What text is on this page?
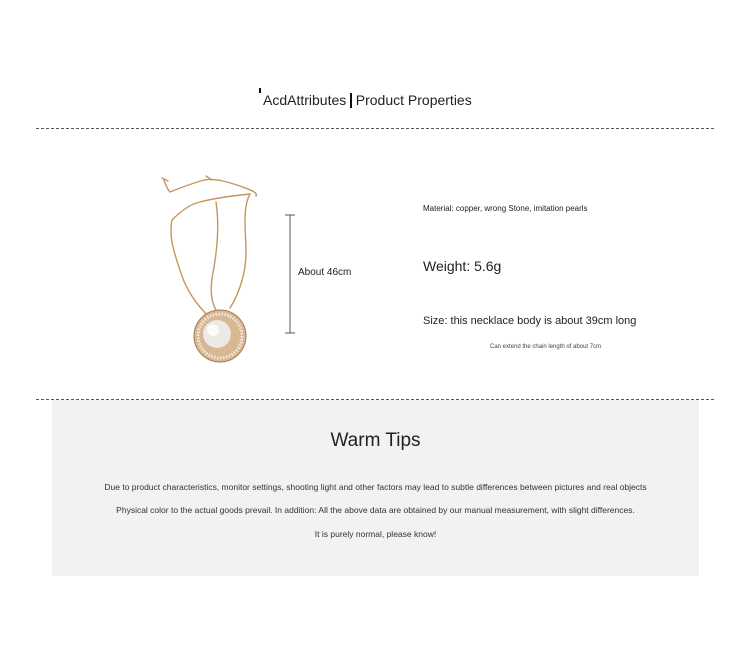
AcdAttributes Product Properties
About 46cm
Material: copper, wrong Stone, imitation pearls
Weight: 5.6g
Size: this necklace body is about 39cm long
Can extend the chain length of about 7cm
Warm Tips
Due to product characteristics, monitor settings, shooting light and other factors may lead to subtle differences between pictures and real objects
Physical color to the actual goods prevail. In addition: All the above data are obtained by our manual measurement, with slight differences.
It is purely normal, please know!
